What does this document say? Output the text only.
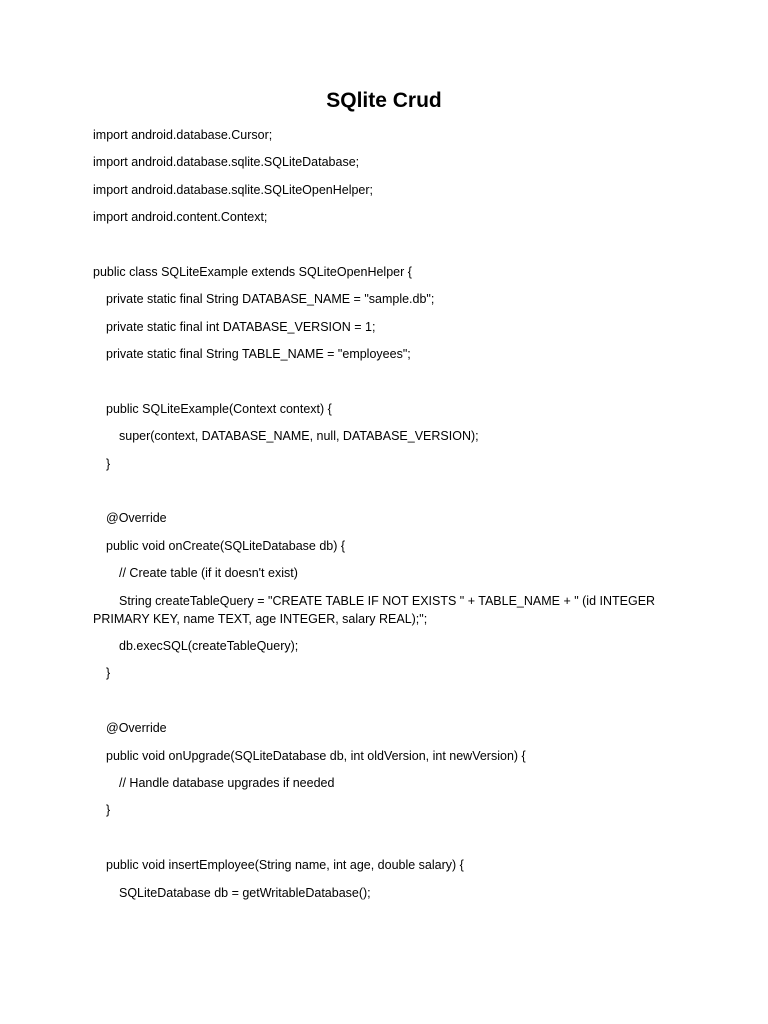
SQlite Crud

import android.database.Cursor;

import android.database.sqlite.SQLiteDatabase;

import android.database.sqlite.SQLiteOpenHelper;

import android.content.Context;

public class SQLiteExample extends SQLiteOpenHelper {

private static final String DATABASE_NAME = "sample.db";

private static final int DATABASE_VERSION = 1;

private static final String TABLE_NAME = "employees";

public SQLiteExample(Context context) {

super(context, DATABASE_NAME, null, DATABASE_VERSION);

}

@Override

public void onCreate(SQLiteDatabase db) {

// Create table (if it doesn't exist)

String createTableQuery = "CREATE TABLE IF NOT EXISTS " + TABLE_NAME + " (id INTEGER

PRIMARY KEY, name TEXT, age INTEGER, salary REAL);";

db.execSQL(createTableQuery);

}

@Override

public void onUpgrade(SQLiteDatabase db, int oldVersion, int newVersion) {

// Handle database upgrades if needed

}

public void insertEmployee(String name, int age, double salary) {

SQLiteDatabase db = getWritableDatabase();
